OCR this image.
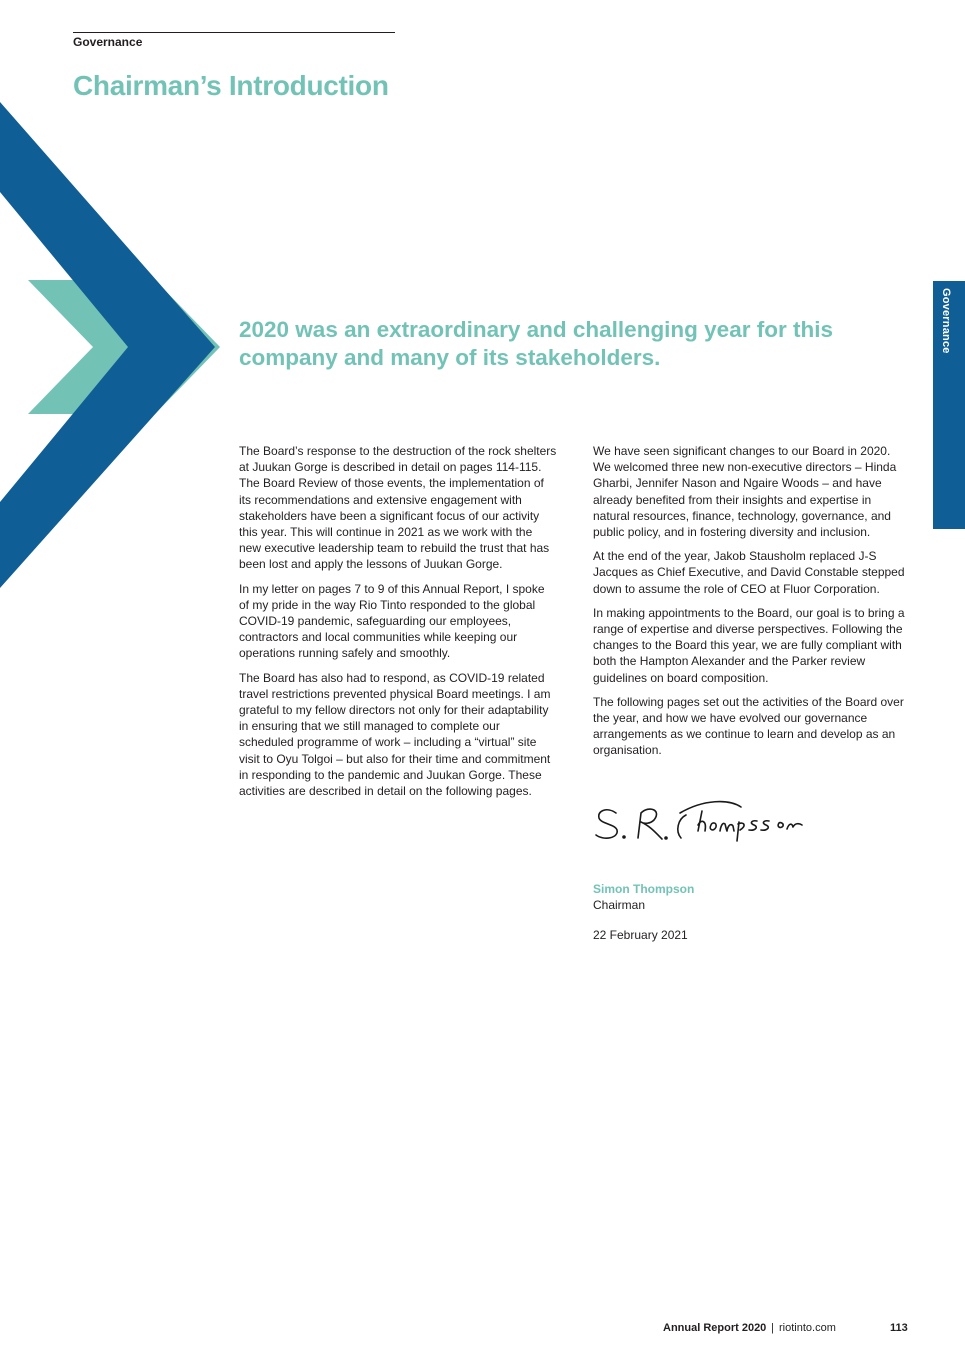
Governance
Chairman’s Introduction
Governance
2020 was an extraordinary and challenging year for this company and many of its stakeholders.

The Board’s response to the destruction of the rock shelters at Juukan Gorge is described in detail on pages 114-115. The Board Review of those events, the implementation of its recommendations and extensive engagement with stakeholders have been a significant focus of our activity this year. This will continue in 2021 as we work with the new executive leadership team to rebuild the trust that has been lost and apply the lessons of Juukan Gorge.

In my letter on pages 7 to 9 of this Annual Report, I spoke of my pride in the way Rio Tinto responded to the global COVID-19 pandemic, safeguarding our employees, contractors and local communities while keeping our operations running safely and smoothly.

The Board has also had to respond, as COVID-19 related travel restrictions prevented physical Board meetings. I am grateful to my fellow directors not only for their adaptability in ensuring that we still managed to complete our scheduled programme of work – including a “virtual” site visit to Oyu Tolgoi – but also for their time and commitment in responding to the pandemic and Juukan Gorge. These activities are described in detail on the following pages.

We have seen significant changes to our Board in 2020. We welcomed three new non-executive directors – Hinda Gharbi, Jennifer Nason and Ngaire Woods – and have already benefited from their insights and expertise in natural resources, finance, technology, governance, and public policy, and in fostering diversity and inclusion.

At the end of the year, Jakob Stausholm replaced J-S Jacques as Chief Executive, and David Constable stepped down to assume the role of CEO at Fluor Corporation.

In making appointments to the Board, our goal is to bring a range of expertise and diverse perspectives. Following the changes to the Board this year, we are fully compliant with both the Hampton Alexander and the Parker review guidelines on board composition.

The following pages set out the activities of the Board over the year, and how we have evolved our governance arrangements as we continue to learn and develop as an organisation.

Simon Thompson
Chairman
22 February 2021
Annual Report 2020 | riotinto.com	113
